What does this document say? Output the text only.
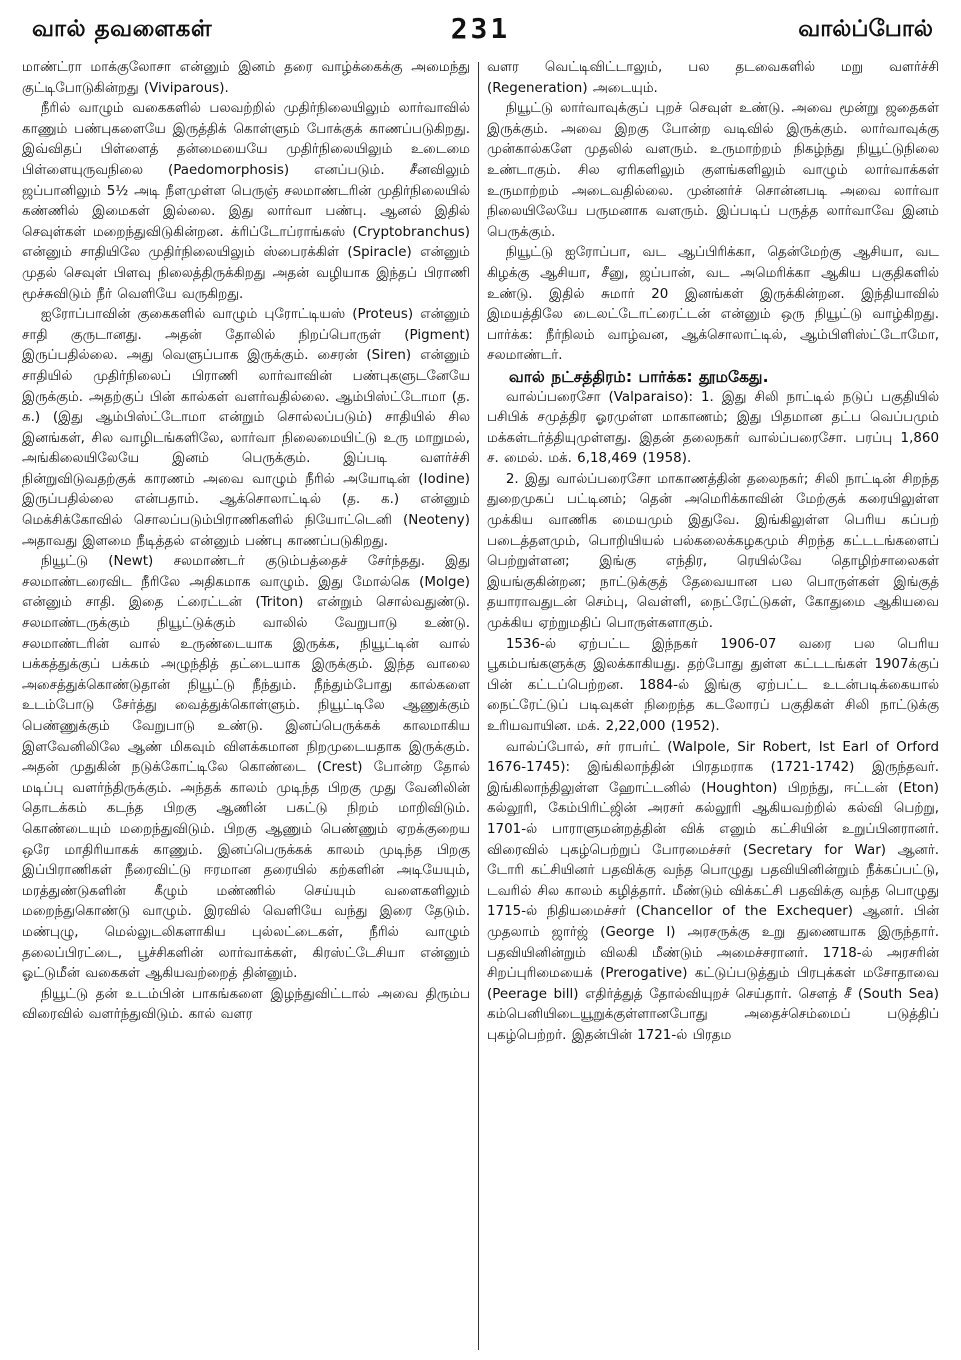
வால் தவளைகள்	231	வால்ப்போல்

மாண்ட்ரா மாக்குலோசா என்னும் இனம் தரை வாழ்க்கைக்கு அமைந்து குட்டிபோடுகின்றது (Viviparous).

நீரில் வாழும் வகைகளில் பலவற்றில் முதிர்நிலையிலும் லார்வாவில் காணும் பண்புகளையே இருத்திக் கொள்ளும் போக்குக் காணப்படுகிறது. இவ்விதப் பிள்ளைத் தன்மையையே முதிர்நிலையிலும் உடைமை பிள்ளையுருவநிலை (Paedomorphosis) எனப்படும். சீனவிலும் ஜப்பானிலும் 5½ அடி நீளமுள்ள பெருஞ் சலமாண்டரின் முதிர்நிலையில் கண்ணில் இமைகள் இல்லை. இது லார்வா பண்பு. ஆனல் இதில் செவுள்கள் மறைந்துவிடுகின்றன. க்ரிப்டோப்ராங்கஸ் (Cryptobranchus) என்னும் சாதியிலே முதிர்நிலையிலும் ஸ்பைரக்கிள் (Spiracle) என்னும் முதல் செவுள் பிளவு நிலைத்திருக்கிறது அதன் வழியாக இந்தப் பிராணி மூச்சுவிடும் நீர் வெளியே வருகிறது.

ஐரோப்பாவின் குகைகளில் வாழும் புரோட்டியஸ் (Proteus) என்னும் சாதி குருடானது. அதன் தோலில் நிறப்பொருள் (Pigment) இருப்பதில்லை. அது வெளுப்பாக இருக்கும். சைரன் (Siren) என்னும் சாதியில் முதிர்நிலைப் பிராணி லார்வாவின் பண்புகளுடனேயே இருக்கும். அதற்குப் பின் கால்கள் வளர்வதில்லை. ஆம்பிஸ்ட்டோமா (த. க.) (இது ஆம்பிஸ்ட்டோமா என்றும் சொல்லப்படும்) சாதியில் சில இனங்கள், சில வாழிடங்களிலே, லார்வா நிலைமையிட்டு உரு மாறுமல், அங்கிலையிலேயே இனம் பெருக்கும். இப்படி வளர்ச்சி நின்றுவிடுவதற்குக் காரணம் அவை வாழும் நீரில் அயோடின் (Iodine) இருப்பதில்லை என்பதாம். ஆக்சொலாட்டில் (த. க.) என்னும் மெக்சிக்கோவில் சொலப்படும்பிராணிகளில் நியோட்டெனி (Neoteny) அதாவது இளமை நீடித்தல் என்னும் பண்பு காணப்படுகிறது.

நியூட்டு (Newt) சலமாண்டர் குடும்பத்தைச் சேர்ந்தது. இது சலமாண்டரைவிட நீரிலே அதிகமாக வாழும். இது மோல்கெ (Molge) என்னும் சாதி. இதை ட்ரைட்டன் (Triton) என்றும் சொல்வதுண்டு. சலமாண்டருக்கும் நியூட்டுக்கும் வாலில் வேறுபாடு உண்டு. சலமாண்டரின் வால் உருண்டையாக இருக்க, நியூட்டின் வால் பக்கத்துக்குப் பக்கம் அழுந்தித் தட்டையாக இருக்கும். இந்த வாலை அசைத்துக்கொண்டுதான் நியூட்டு நீந்தும். நீந்தும்போது கால்களை உடம்போடு சேர்த்து வைத்துக்கொள்ளும். நியூட்டிலே ஆணுக்கும் பெண்ணுக்கும் வேறுபாடு உண்டு. இனப்பெருக்கக் காலமாகிய இளவேனிலிலே ஆண் மிகவும் விளக்கமான நிறமுடையதாக இருக்கும். அதன் முதுகின் நடுக்கோட்டிலே கொண்டை (Crest) போன்ற தோல் மடிப்பு வளர்ந்திருக்கும். அந்தக் காலம் முடிந்த பிறகு முது வேனிலின் தொடக்கம் கடந்த பிறகு ஆணின் பகட்டு நிறம் மாறிவிடும். கொண்டையும் மறைந்துவிடும். பிறகு ஆணும் பெண்ணும் ஏறக்குறைய ஒரே மாதிரியாகக் காணும். இனப்பெருக்கக் காலம் முடிந்த பிறகு இப்பிராணிகள் நீரைவிட்டு ஈரமான தரையில் கற்களின் அடியேயும், மரத்துண்டுகளின் கீழும் மண்ணில் செய்யும் வளைகளிலும் மறைந்துகொண்டு வாழும். இரவில் வெளியே வந்து இரை தேடும். மண்புழு, மெல்லுடலிகளாகிய புல்லட்டைகள், நீரில் வாழும் தலைப்பிரட்டை, பூச்சிகளின் லார்வாக்கள், கிரஸ்ட்டேசியா என்னும் ஓட்டுமீன் வகைகள் ஆகியவற்றைத் தின்னும்.

நியூட்டு தன் உடம்பின் பாகங்களை இழந்துவிட்டால் அவை திரும்ப விரைவில் வளர்ந்துவிடும். கால் வளர

வளர வெட்டிவிட்டாலும், பல தடவைகளில் மறு வளர்ச்சி (Regeneration) அடையும்.

நியூட்டு லார்வாவுக்குப் புறச் செவுள் உண்டு. அவை மூன்று ஜதைகள் இருக்கும். அவை இறகு போன்ற வடிவில் இருக்கும். லார்வாவுக்கு முன்கால்களே முதலில் வளரும். உருமாற்றம் நிகழ்ந்து நியூட்டுநிலை உண்டாகும். சில ஏரிகளிலும் குளங்களிலும் வாழும் லார்வாக்கள் உருமாற்றம் அடைவதில்லை. முன்னர்ச் சொன்னபடி அவை லார்வா நிலையிலேயே பருமனாக வளரும். இப்படிப் பருத்த லார்வாவே இனம் பெருக்கும்.

நியூட்டு ஐரோப்பா, வட ஆப்பிரிக்கா, தென்மேற்கு ஆசியா, வட கிழக்கு ஆசியா, சீனு, ஜப்பான், வட அமெரிக்கா ஆகிய பகுதிகளில் உண்டு. இதில் சுமார் 20 இனங்கள் இருக்கின்றன. இந்தியாவில் இமயத்திலே டைலட்டோட்ரைட்டன் என்னும் ஒரு நியூட்டு வாழ்கிறது. பார்க்க: நீர்நிலம் வாழ்வன, ஆக்சொலாட்டில், ஆம்பிளிஸ்ட்டோமோ, சலமாண்டர்.

வால் நட்சத்திரம்: பார்க்க: தூமகேது.

வால்ப்பரைசோ (Valparaiso): 1. இது சிலி நாட்டில் நடுப் பகுதியில் பசிபிக் சமுத்திர ஓரமுள்ள மாகாணம்; இது பிதமான தட்ப வெப்பமும் மக்கள்டர்த்தியுமுள்ளது. இதன் தலைநகர் வால்ப்பரைசோ. பரப்பு 1,860 ச. மைல். மக். 6,18,469 (1958).

2. இது வால்ப்பரைசோ மாகாணத்தின் தலைநகர்; சிலி நாட்டின் சிறந்த துறைமுகப் பட்டினம்; தென் அமெரிக்காவின் மேற்குக் கரையிலுள்ள முக்கிய வாணிக மையமும் இதுவே. இங்கிலுள்ள பெரிய கப்பற் படைத்தளமும், பொறியியல் பல்கலைக்கழகமும் சிறந்த கட்டடங்களைப் பெற்றுள்ளன; இங்கு எந்திர, ரெயில்வே தொழிற்சாலைகள் இயங்குகின்றன; நாட்டுக்குத் தேவையான பல பொருள்கள் இங்குத் தயாராவதுடன் செம்பு, வெள்ளி, நைட்ரேட்டுகள், கோதுமை ஆகியவை முக்கிய ஏற்றுமதிப் பொருள்களாகும்.

1536-ல் ஏற்பட்ட இந்நகர் 1906-07 வரை பல பெரிய பூகம்பங்களுக்கு இலக்காகியது. தற்போது துள்ள கட்டடங்கள் 1907க்குப் பின் கட்டப்பெற்றன. 1884-ல் இங்கு ஏற்பட்ட உடன்படிக்கையால் நைட்ரேட்டுப் படிவுகள் நிறைந்த கடலோரப் பகுதிகள் சிலி நாட்டுக்கு உரியவாயின. மக். 2,22,000 (1952).

வால்ப்போல், சர் ராபர்ட் (Walpole, Sir Robert, Ist Earl of Orford 1676-1745): இங்கிலாந்தின் பிரதமராக (1721-1742) இருந்தவர். இங்கிலாந்திலுள்ள ஹோட்டனில் (Houghton) பிறந்து, ஈட்டன் (Eton) கல்லூரி, கேம்பிரிட்ஜின் அரசர் கல்லூரி ஆகியவற்றில் கல்வி பெற்று, 1701-ல் பாராளுமன்றத்தின் விக் எனும் கட்சியின் உறுப்பினரானர். விரைவில் புகழ்பெற்றுப் போரமைச்சர் (Secretary for War) ஆனர். டோரி கட்சியினர் பதவிக்கு வந்த பொழுது பதவியினின்றும் நீக்கப்பட்டு, டவரில் சில காலம் கழித்தார். மீண்டும் விக்கட்சி பதவிக்கு வந்த பொழுது 1715-ல் நிதியமைச்சர் (Chancellor of the Exchequer) ஆனர். பின் முதலாம் ஜார்ஜ் (George I) அரசருக்கு உறு துணையாக இருந்தார். பதவியினின்றும் விலகி மீண்டும் அமைச்சரானர். 1718-ல் அரசரின் சிறப்புரிமையைக் (Prerogative) கட்டுப்படுத்தும் பிரபுக்கள் மசோதாவை (Peerage bill) எதிர்த்துத் தோல்வியுறச் செய்தார். சௌத் சீ (South Sea) கம்பெனியிடையூறுக்குள்ளானபோது அதைச்செம்மைப் படுத்திப் புகழ்பெற்றர். இதன்பின் 1721-ல் பிரதம
